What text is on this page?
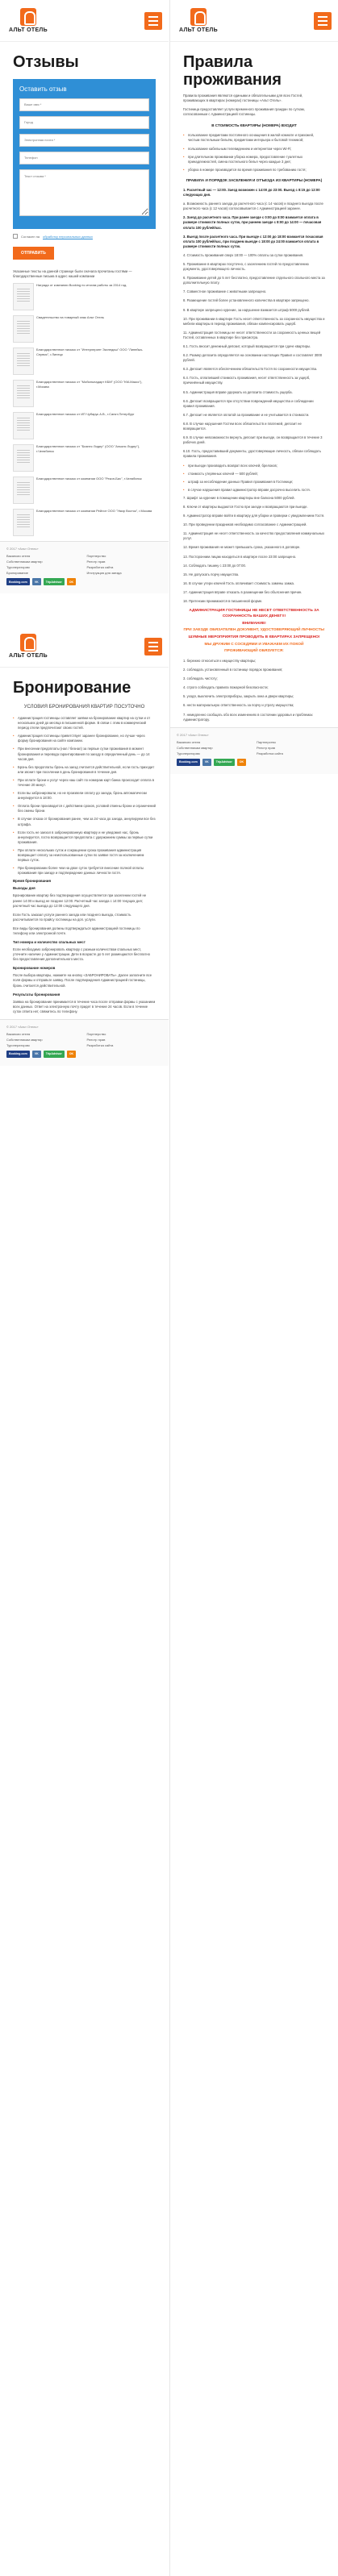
АЛЬТ ОТЕЛЬ
Отзывы
Оставить отзыв
Ваше имя *
Город
Электронная почта *
Телефон
Текст отзыва *
Согласен на обработку персональных данных
ОТПРАВИТЬ
Указанные тексты на данной странице были сначала прочитаны гостями — благодарственные письма в адрес нашей компании
Награда от компании Booking по итогам работы за 2014 год.
Свидетельство на товарный знак Альт Отель
Благодарственное письмо от "Интерлеринт Экспедиш" ООО "Линейка-Сервис", г.Липецк
Благодарственное письмо от "Мобильнадарт КБМ" (ООО "КМ-Максс"), г.Москва
Благодарственное письмо от ИП Чубарук А.В., г.Санкт-Петербург
Благодарственное письмо от "Бизнес Лидер" (ООО "Альянс Лидер"), г.Челябинск
Благодарственное письмо от компании ООО "Рекон-Бис", г.Челябинск
Благодарственное письмо от компании Рейлот ООО "Умир Восток", г.Москва
© 2017 «Альт Отель»
Вакансии отеля	Партнерство
Собственникам квартир	Реестр прав
Туроператорам	Разработка сайта
Бронирование	Инструкция для заезда
Booking.com	VK	TripAdvisor	OK
АЛЬТ ОТЕЛЬ
Бронирование
УСЛОВИЯ БРОНИРОВАНИЯ КВАРТИР ПОСУТОЧНО
• Администрация гостиницы оставляет заявки на бронирование квартир на сутки и от нескольких дней до месяца в письменной форме. В связи с этим в коммерческий период отели предпочитают своих гостей.
• Администрация гостиницы приветствует заранее бронирование, но лучше через форму бронирования на сайте компании.
• При внесении предоплаты (нал / безнал) за первые сутки проживания в момент бронирования и перевода гарантирования по заезду в определенный день — до 14 часов дня.
• Бронь без предоплаты бронь на заезд считается действительной, если гость приходит или звонит при поселении в день бронирования в течение дня.
• При оплате брони и услуг через наш сайт по номерам карт банка происходит оплата в течение 20 минут.
• Если вы забронировали, но не произвели оплату до заезда, бронь автоматически аннулируется в 18:00.
• Оплата брони производится с действием сроков, условий отмены брони и ограничений без смены брони.
• В случае отказа от бронирования ранее, чем за 24 часа до заезда, аннулируем все без штрафа.
• Если гость не заехал в забронированную квартиру и не уведомил нас, бронь аннулируется, гостю возвращается предоплата с удержанием суммы за первые сутки проживания.
• При оплате нескольких суток и сокращении срока проживания администрация возвращает оплату за неиспользованные сутки по заявке гостя за исключением первых суток.
• При бронировании более чем на двое суток требуется внесение полной оплаты проживания при заезде и подтверждение данных личности гостя.
Время бронирования
Выходы дня
Бронирование квартир без подтверждения осуществляется при заселении гостей не ранее 14:00 и выезд не позднее 12:00. Расчетный час заезда с 14:00 текущих дня; расчетный час выезда до 12:00 следующего дня.
Если Гость заказал услуги раннего заезда или позднего выезда, стоимость рассчитывается по прайсу гостиницы на доп. услуги.
Все виды бронирования должны подтверждаться администрацией гостиницы по телефону или электронной почте.
Тип номера и количество спальных мест
Если необходимо забронировать квартиру с разным количеством спальных мест, уточните наличие у Администрации. Дети в возрасте до 5 лет размещаются бесплатно без предоставления дополнительного места.
Бронирование номеров
После выбора квартиры, нажмите на кнопку «ЗАБРОНИРОВАТЬ». Далее заполните все поля формы и отправьте заявку. После подтверждения Администрацией гостиницы, бронь считается действительной.
Результаты бронирования
Заявка на бронирование принимается в течение часа после отправки формы с указанием всех данных. Ответ на электронную почту придет в течение 24 часов. Если в течение суток ответа нет, свяжитесь по телефону.
© 2017 «Альт Отель»
Вакансии отеля	Партнерство
Собственникам квартир	Реестр прав
Туроператорам	Разработка сайта
Booking.com	VK	TripAdvisor	OK
АЛЬТ ОТЕЛЬ
Правила проживания
Правила проживания являются едиными и обязательными для всех Гостей, проживающих в квартирах (номерах) гостиницы «Альт Отель».
Гостиница предоставляет услуги временного проживания граждан по суткам, согласованным с Администрацией гостиницы.
В СТОИМОСТЬ КВАРТИРЫ (НОМЕРА) ВХОДИТ
• пользование предметами постоянного оснащения в жилой комнате и прихожей, чистым постельным бельём, предметами интерьера и бытовой техникой;
• пользование кабельным телевидением и интернетом через Wi-Fi;
• при длительном проживании уборка номера, предоставление туалетных принадлежностей, смена постельного белья через каждые 3 дня;
• уборка в номере производится во время проживания по требованию гостя;
ПРАВИЛА И ПОРЯДОК ЗАСЕЛЕНИЯ И ОТЪЕЗДА ИЗ КВАРТИРЫ (НОМЕРА)
1. Расчетный час — 12:00. Заезд возможен с 14:00 до 23:00. Выезд с 8:15 до 12:00 следующих дня.
а. Возможность раннего заезда до расчетного часа (с 14 часов) и позднего выезда после расчетного часа (с 12 часов) согласовывается с Администрацией заранее.
2. Заезд до расчетного часа. При ранее заезде с 0:00 до 8:00 взимается оплата в размере стоимости полных суток, при раннем заезде с 8:00 до 14:00 — почасовая оплата 100 рублей/час.
3. Выезд после расчетного часа. При выезде с 12:00 до 18:00 взимается почасовая оплата 100 рублей/час, при позднем выезде с 18:00 до 24:00 взимается оплата в размере стоимости полных суток.
4. Стоимость проживания сверх 18:00 — 100% оплаты за сутки проживания.
5. Проживание в квартирах посуточно, с заселением гостей по предоставлению документа, удостоверяющего личность.
6. Проживание детей до 5 лет бесплатно, предоставление отдельного спального места за дополнительную плату.
7. Совместное проживание с животными запрещено.
8. Размещение гостей более установленного количества в квартире запрещено.
9. В квартире запрещено курение, за нарушение взимается штраф 5000 рублей.
10. При проживании в квартире Гость несет ответственность за сохранность имущества и мебели квартиры в период проживания, обязан компенсировать ущерб.
11. Администрация гостиницы не несет ответственности за сохранность ценных вещей Гостей, оставленных в квартире без присмотра.
6.1. Гость вносит денежный депозит, который возвращается при сдаче квартиры.
6.2. Размер депозита определяется на основании настоящих Правил и составляет 3000 рублей.
6.3. Депозит является обеспечением обязательств Гостя по сохранности имущества.
6.4. Гость, оплативший стоимость проживания, несет ответственность за ущерб, причинённый имуществу.
6.5. Администрация вправе удержать из депозита стоимость ущерба.
6.6. Депозит возвращается при отсутствии повреждений имущества и соблюдении правил проживания.
6.7. Депозит не является оплатой за проживание и не учитывается в стоимости.
6.8. В случае нарушения Гостем всех обязательств и платежей, депозит не возвращается.
6.9. В случае невозможности вернуть депозит при выезде, он возвращается в течение 3 рабочих дней.
6.10. Гость, предоставивший документы, удостоверяющие личность, обязан соблюдать правила проживания.
• при выезде производить возврат всех ключей, брелоков;
• стоимость утерянных ключей — 500 рублей;
• штраф за несоблюдение данных Правил проживания в Гостинице;
• в случае нарушения правил администратор вправе досрочно выселить гостя.
7. Шрифт за курение в помещении квартиры вне балкона 5000 рублей.
8. Ключи от квартиры выдаются Гостю при заезде и возвращаются при выезде.
9. Администратор вправе войти в квартиру для уборки и проверки с уведомлением Гостя.
10. При проведении праздников необходимо согласование с Администрацией.
11. Администрация не несет ответственность за качество предоставления коммунальных услуг.
12. Время проживания не может превышать срока, указанного в договоре.
13. Посторонним лицам находиться в квартире после 23:00 запрещено.
14. Соблюдать тишину с 23:00 до 07:00.
15. Не допускать порчу имущества.
16. В случае утери ключей Гость оплачивает стоимость замены замка.
17. Администрация вправе отказать в размещении без объяснения причин.
18. Претензии принимаются в письменной форме.
АДМИНИСТРАЦИЯ ГОСТИНИЦЫ НЕ НЕСЕТ ОТВЕТСТВЕННОСТЬ ЗА СОХРАННОСТЬ ВАШИХ ДЕНЕГ!!!
ВНИМАНИЕ!
ПРИ ЗАЕЗДЕ ОБЯЗАТЕЛЕН ДОКУМЕНТ, УДОСТОВЕРЯЮЩИЙ ЛИЧНОСТЬ!
ШУМНЫЕ МЕРОПРИЯТИЯ ПРОВОДИТЬ В КВАРТИРАХ ЗАПРЕЩЕНО!
МЫ ДРУЖИМ С СОСЕДЯМИ И УВАЖАЕМ ИХ ПОКОЙ
ПРОЖИВАЮЩИЙ ОБЯЗУЕТСЯ:
1. бережно относиться к имуществу квартиры;
2. соблюдать установленный в гостинице порядок проживания;
3. соблюдать чистоту;
4. строго соблюдать правила пожарной безопасности;
5. уходя, выключить электроприборы, закрыть окна и двери квартиры;
6. нести материальную ответственность за порчу и утрату имущества;
7. немедленно сообщать обо всех изменениях в состоянии здоровья и проблемах Администратору.
© 2017 «Альт Отель»
Вакансии отеля	Партнерство
Собственникам квартир	Реестр прав
Туроператорам	Разработка сайта
Booking.com	VK	TripAdvisor	OK
